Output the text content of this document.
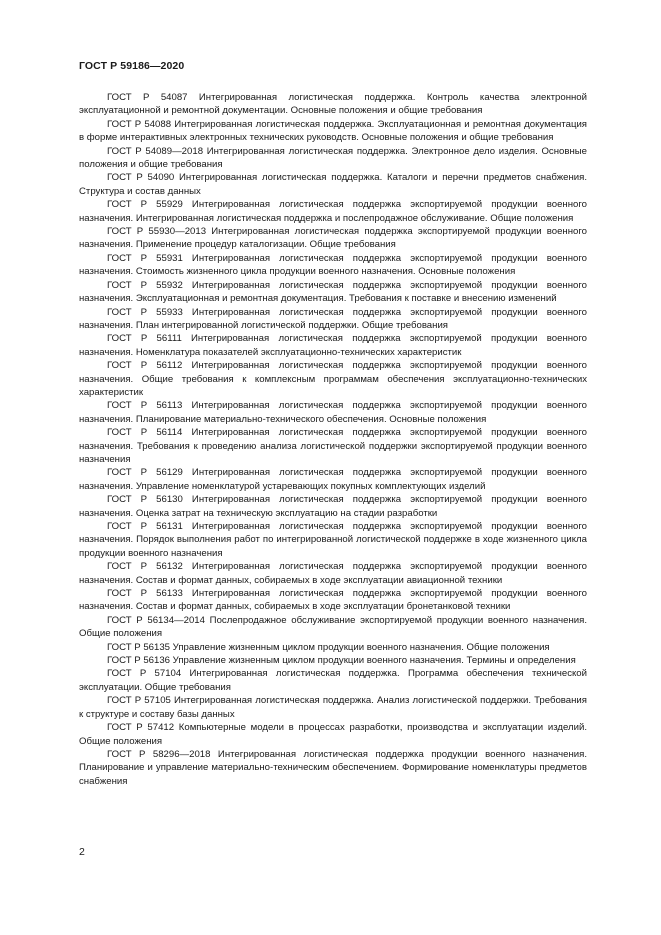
ГОСТ Р 59186—2020

ГОСТ Р 54087 Интегрированная логистическая поддержка. Контроль качества электронной эксплуатационной и ремонтной документации. Основные положения и общие требования

ГОСТ Р 54088 Интегрированная логистическая поддержка. Эксплуатационная и ремонтная документация в форме интерактивных электронных технических руководств. Основные положения и общие требования

ГОСТ Р 54089—2018 Интегрированная логистическая поддержка. Электронное дело изделия. Основные положения и общие требования

ГОСТ Р 54090 Интегрированная логистическая поддержка. Каталоги и перечни предметов снабжения. Структура и состав данных

ГОСТ Р 55929 Интегрированная логистическая поддержка экспортируемой продукции военного назначения. Интегрированная логистическая поддержка и послепродажное обслуживание. Общие положения

ГОСТ Р 55930—2013 Интегрированная логистическая поддержка экспортируемой продукции военного назначения. Применение процедур каталогизации. Общие требования

ГОСТ Р 55931 Интегрированная логистическая поддержка экспортируемой продукции военного назначения. Стоимость жизненного цикла продукции военного назначения. Основные положения

ГОСТ Р 55932 Интегрированная логистическая поддержка экспортируемой продукции военного назначения. Эксплуатационная и ремонтная документация. Требования к поставке и внесению изменений

ГОСТ Р 55933 Интегрированная логистическая поддержка экспортируемой продукции военного назначения. План интегрированной логистической поддержки. Общие требования

ГОСТ Р 56111 Интегрированная логистическая поддержка экспортируемой продукции военного назначения. Номенклатура показателей эксплуатационно-технических характеристик

ГОСТ Р 56112 Интегрированная логистическая поддержка экспортируемой продукции военного назначения. Общие требования к комплексным программам обеспечения эксплуатационно-технических характеристик

ГОСТ Р 56113 Интегрированная логистическая поддержка экспортируемой продукции военного назначения. Планирование материально-технического обеспечения. Основные положения

ГОСТ Р 56114 Интегрированная логистическая поддержка экспортируемой продукции военного назначения. Требования к проведению анализа логистической поддержки экспортируемой продукции военного назначения

ГОСТ Р 56129 Интегрированная логистическая поддержка экспортируемой продукции военного назначения. Управление номенклатурой устаревающих покупных комплектующих изделий

ГОСТ Р 56130 Интегрированная логистическая поддержка экспортируемой продукции военного назначения. Оценка затрат на техническую эксплуатацию на стадии разработки

ГОСТ Р 56131 Интегрированная логистическая поддержка экспортируемой продукции военного назначения. Порядок выполнения работ по интегрированной логистической поддержке в ходе жизненного цикла продукции военного назначения

ГОСТ Р 56132 Интегрированная логистическая поддержка экспортируемой продукции военного назначения. Состав и формат данных, собираемых в ходе эксплуатации авиационной техники

ГОСТ Р 56133 Интегрированная логистическая поддержка экспортируемой продукции военного назначения. Состав и формат данных, собираемых в ходе эксплуатации бронетанковой техники

ГОСТ Р 56134—2014 Послепродажное обслуживание экспортируемой продукции военного назначения. Общие положения

ГОСТ Р 56135 Управление жизненным циклом продукции военного назначения. Общие положения

ГОСТ Р 56136 Управление жизненным циклом продукции военного назначения. Термины и определения

ГОСТ Р 57104 Интегрированная логистическая поддержка. Программа обеспечения технической эксплуатации. Общие требования

ГОСТ Р 57105 Интегрированная логистическая поддержка. Анализ логистической поддержки. Требования к структуре и составу базы данных

ГОСТ Р 57412 Компьютерные модели в процессах разработки, производства и эксплуатации изделий. Общие положения

ГОСТ Р 58296—2018 Интегрированная логистическая поддержка продукции военного назначения. Планирование и управление материально-техническим обеспечением. Формирование номенклатуры предметов снабжения

2
